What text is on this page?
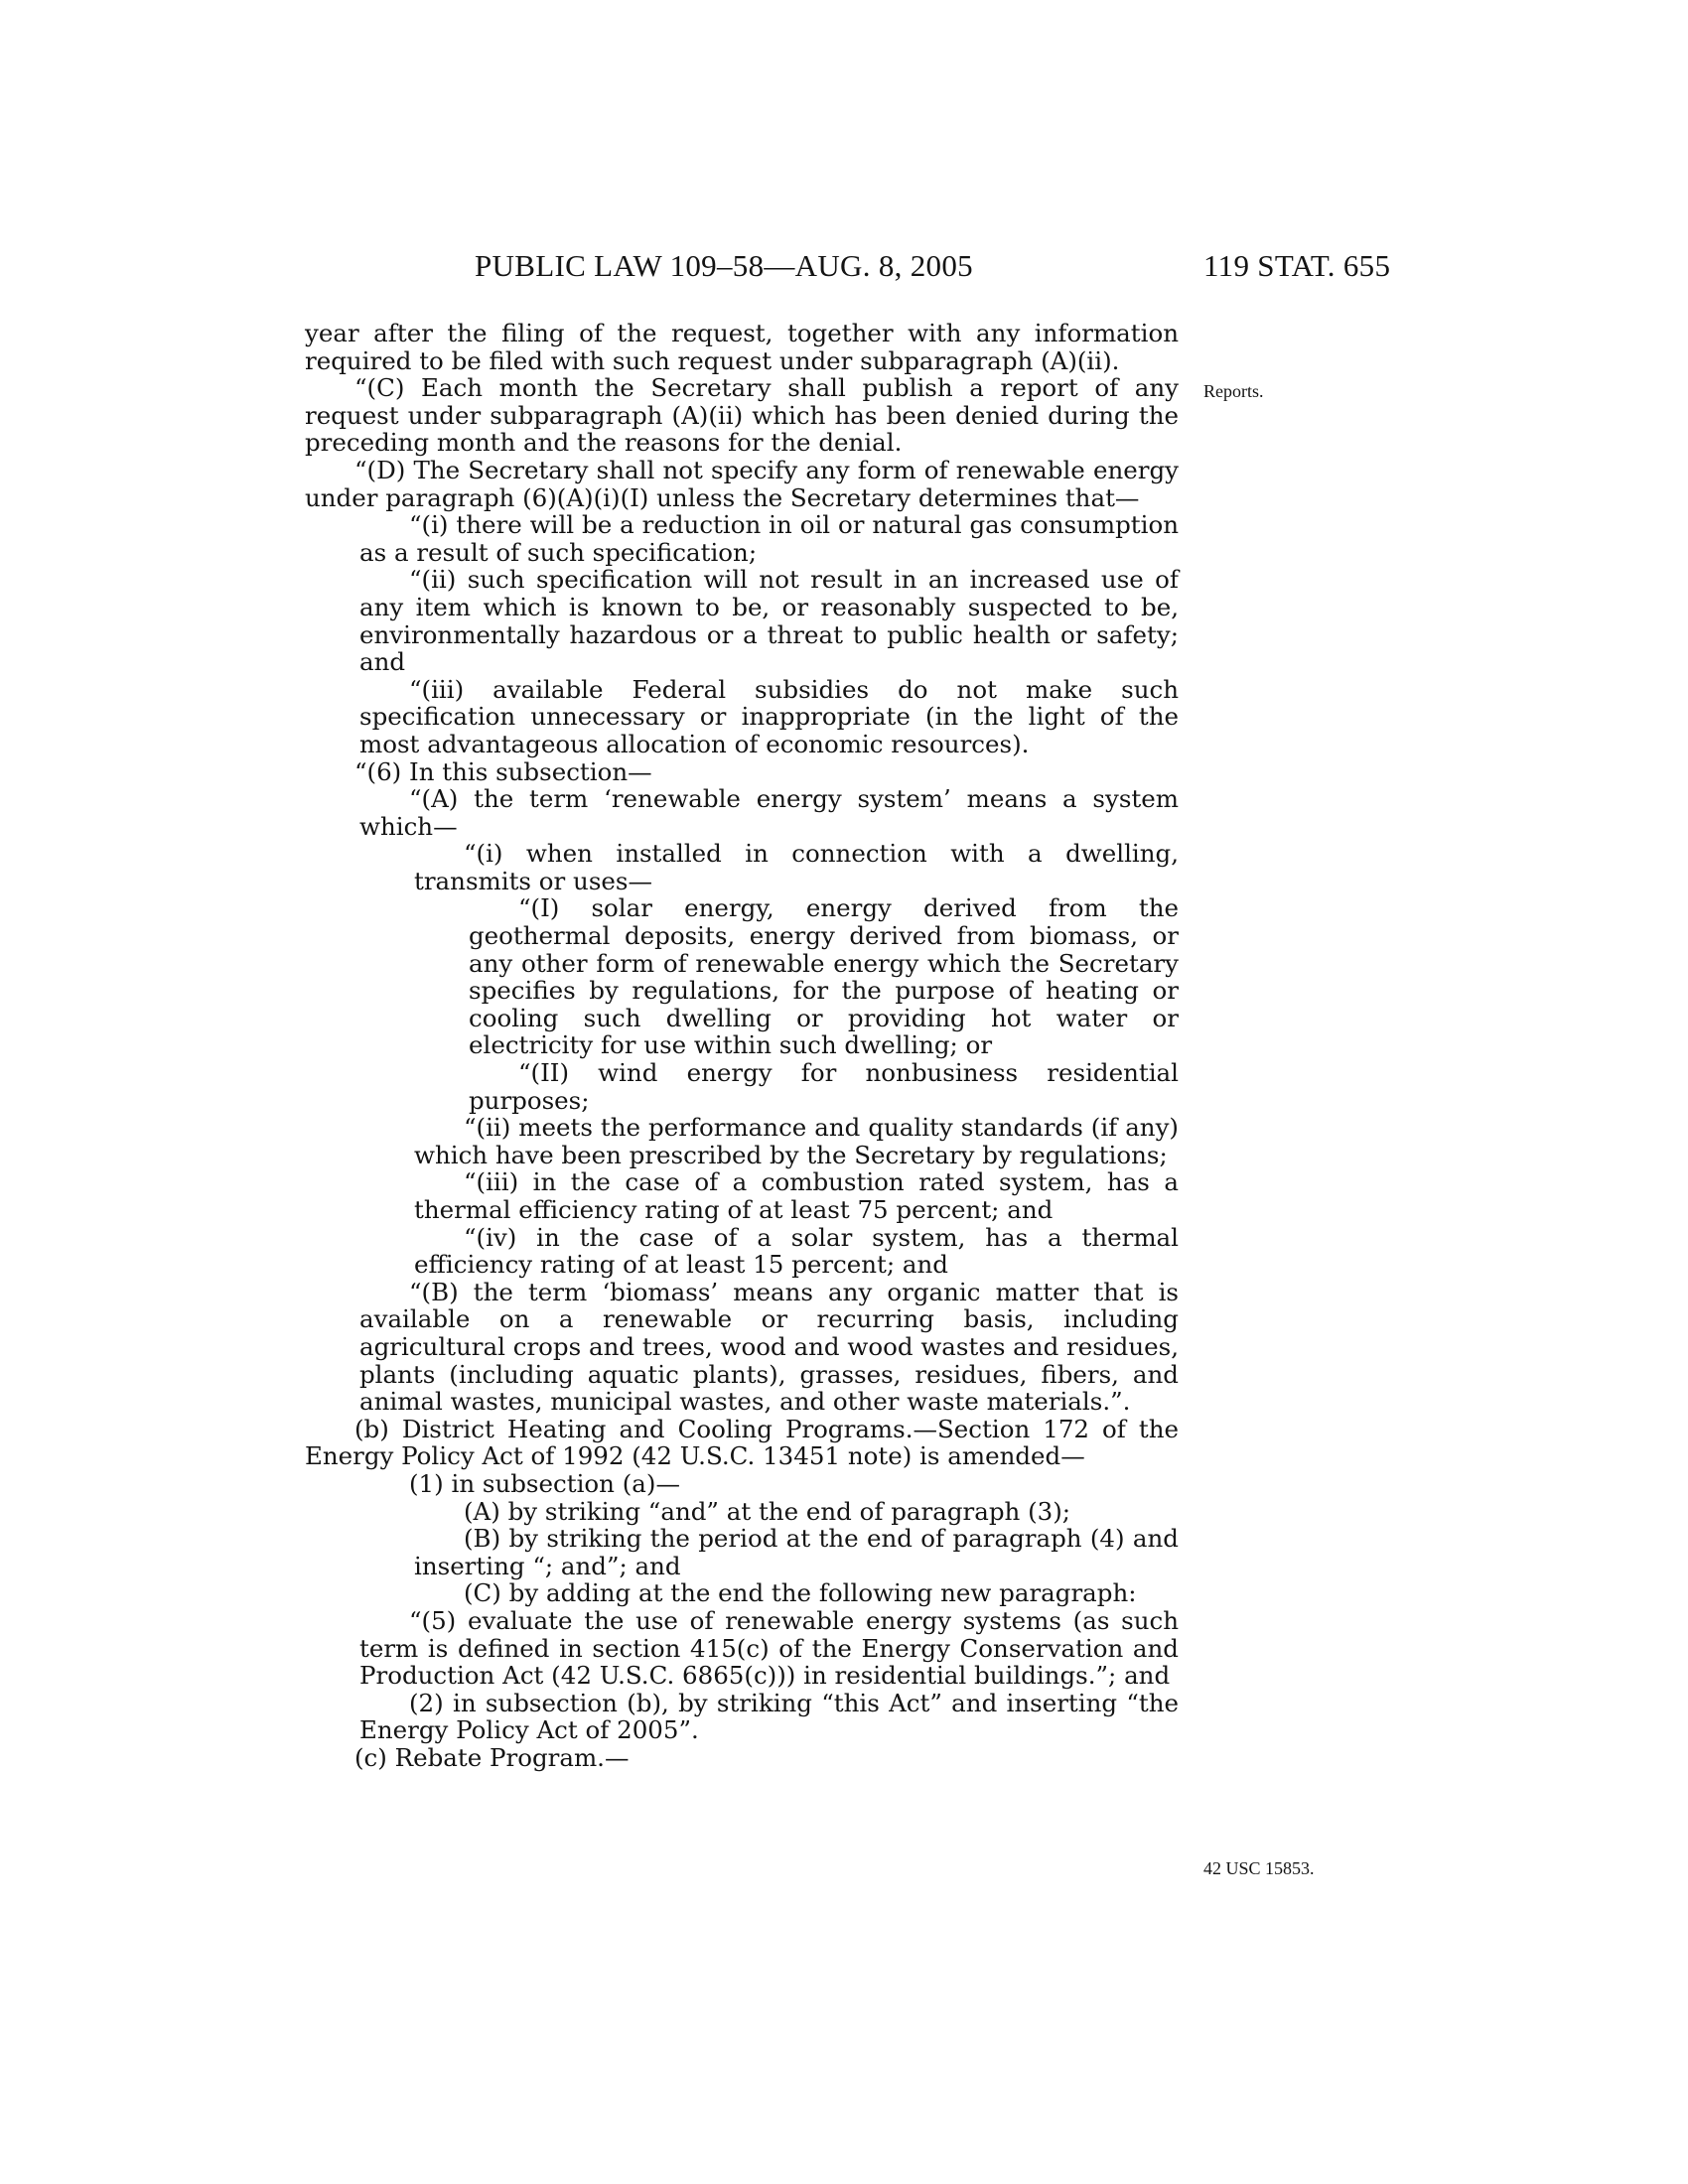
PUBLIC LAW 109–58—AUG. 8, 2005	119 STAT. 655

year after the filing of the request, together with any information required to be filed with such request under subparagraph (A)(ii).

“(C) Each month the Secretary shall publish a report of any request under subparagraph (A)(ii) which has been denied during the preceding month and the reasons for the denial.

“(D) The Secretary shall not specify any form of renewable energy under paragraph (6)(A)(i)(I) unless the Secretary determines that—

“(i) there will be a reduction in oil or natural gas consumption as a result of such specification;

“(ii) such specification will not result in an increased use of any item which is known to be, or reasonably suspected to be, environmentally hazardous or a threat to public health or safety; and

“(iii) available Federal subsidies do not make such specification unnecessary or inappropriate (in the light of the most advantageous allocation of economic resources).

“(6) In this subsection—

“(A) the term ‘renewable energy system’ means a system which—

“(i) when installed in connection with a dwelling, transmits or uses—

“(I) solar energy, energy derived from the geothermal deposits, energy derived from biomass, or any other form of renewable energy which the Secretary specifies by regulations, for the purpose of heating or cooling such dwelling or providing hot water or electricity for use within such dwelling; or

“(II) wind energy for nonbusiness residential purposes;

“(ii) meets the performance and quality standards (if any) which have been prescribed by the Secretary by regulations;

“(iii) in the case of a combustion rated system, has a thermal efficiency rating of at least 75 percent; and

“(iv) in the case of a solar system, has a thermal efficiency rating of at least 15 percent; and

“(B) the term ‘biomass’ means any organic matter that is available on a renewable or recurring basis, including agricultural crops and trees, wood and wood wastes and residues, plants (including aquatic plants), grasses, residues, fibers, and animal wastes, municipal wastes, and other waste materials.”.

(b) District Heating and Cooling Programs.—Section 172 of the Energy Policy Act of 1992 (42 U.S.C. 13451 note) is amended—

(1) in subsection (a)—

(A) by striking “and” at the end of paragraph (3);

(B) by striking the period at the end of paragraph (4) and inserting “; and”; and

(C) by adding at the end the following new paragraph:

“(5) evaluate the use of renewable energy systems (as such term is defined in section 415(c) of the Energy Conservation and Production Act (42 U.S.C. 6865(c))) in residential buildings.”; and

(2) in subsection (b), by striking “this Act” and inserting “the Energy Policy Act of 2005”.

(c) Rebate Program.—

Reports.
42 USC 15853.
